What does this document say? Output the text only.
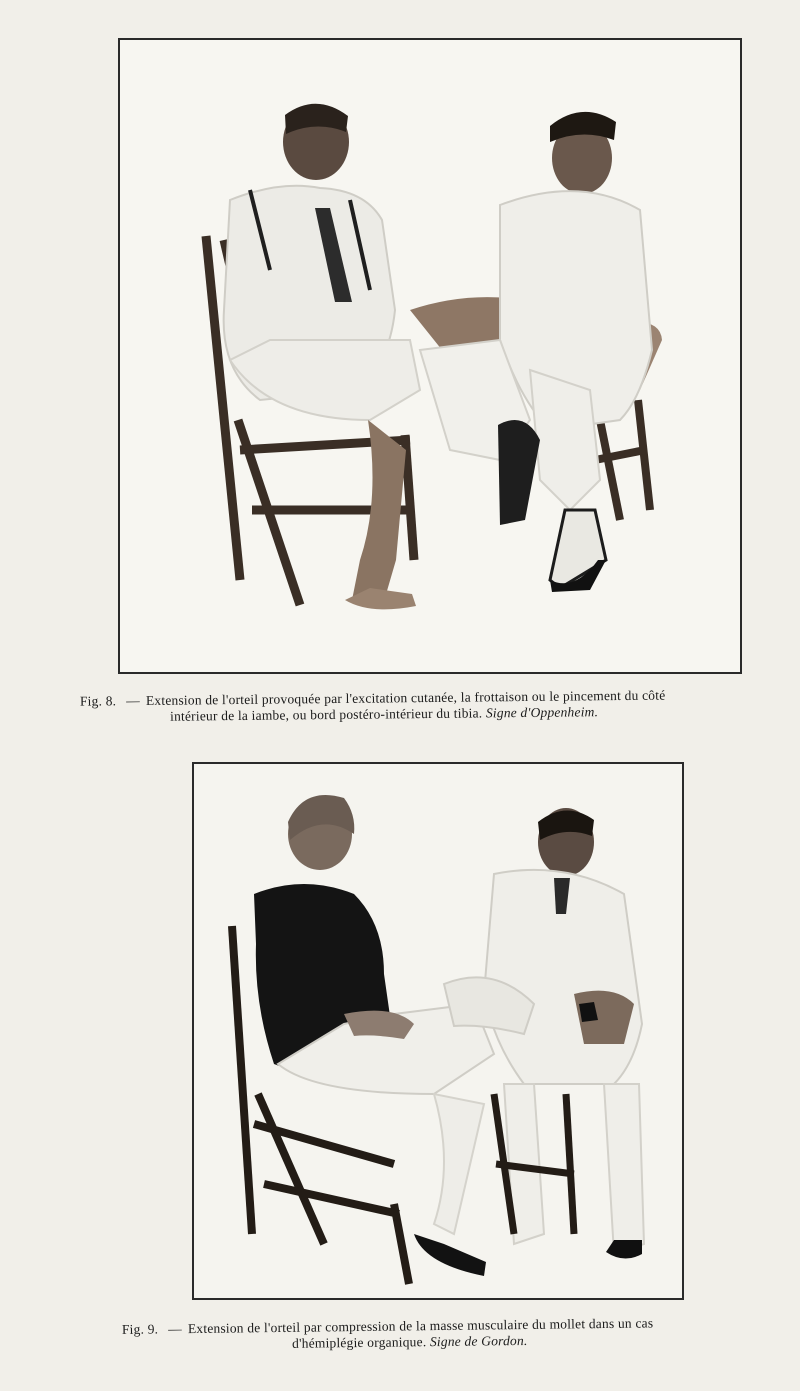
Fig. 8. — Extension de l'orteil provoquée par l'excitation cutanée, la frottaison ou le pincement du côté
intérieur de la iambe, ou bord postéro-intérieur du tibia. Signe d'Oppenheim.
Fig. 9. — Extension de l'orteil par compression de la masse musculaire du mollet dans un cas
d'hémiplégie organique. Signe de Gordon.
